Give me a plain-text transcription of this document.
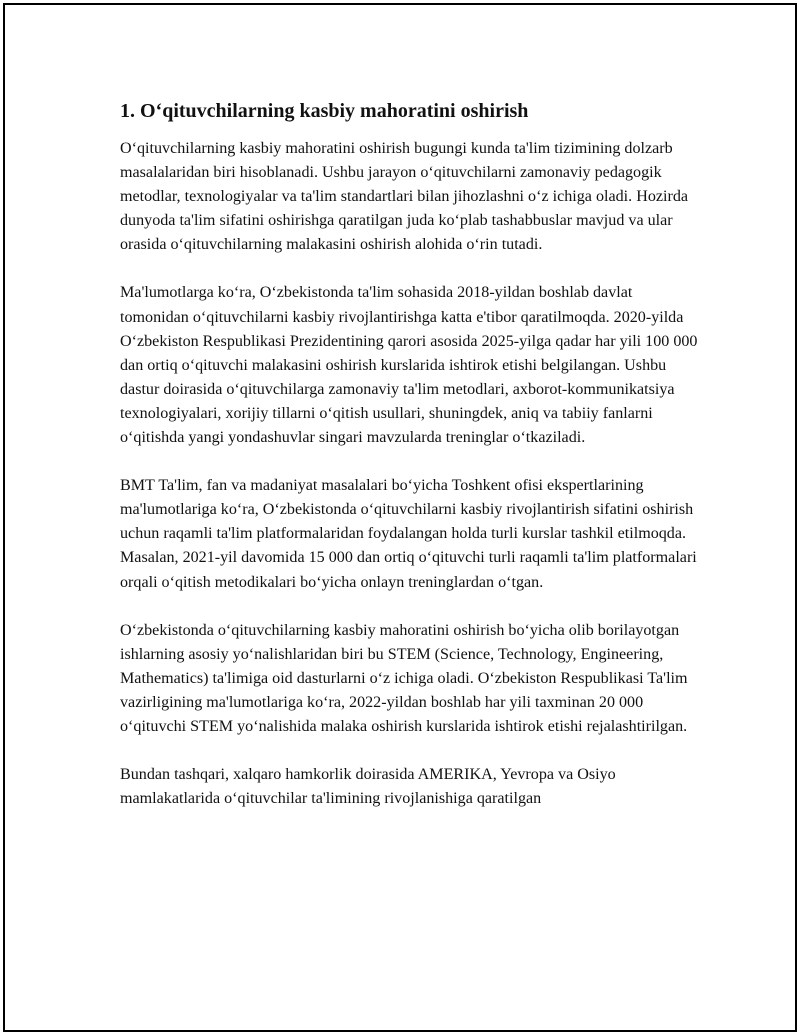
1. O‘qituvchilarning kasbiy mahoratini oshirish

O‘qituvchilarning kasbiy mahoratini oshirish bugungi kunda ta'lim tizimining dolzarb masalalaridan biri hisoblanadi. Ushbu jarayon o‘qituvchilarni zamonaviy pedagogik metodlar, texnologiyalar va ta'lim standartlari bilan jihozlashni o‘z ichiga oladi. Hozirda dunyoda ta'lim sifatini oshirishga qaratilgan juda ko‘plab tashabbuslar mavjud va ular orasida o‘qituvchilarning malakasini oshirish alohida o‘rin tutadi.

Ma'lumotlarga ko‘ra, O‘zbekistonda ta'lim sohasida 2018-yildan boshlab davlat tomonidan o‘qituvchilarni kasbiy rivojlantirishga katta e'tibor qaratilmoqda. 2020-yilda O‘zbekiston Respublikasi Prezidentining qarori asosida 2025-yilga qadar har yili 100 000 dan ortiq o‘qituvchi malakasini oshirish kurslarida ishtirok etishi belgilangan. Ushbu dastur doirasida o‘qituvchilarga zamonaviy ta'lim metodlari, axborot-kommunikatsiya texnologiyalari, xorijiy tillarni o‘qitish usullari, shuningdek, aniq va tabiiy fanlarni o‘qitishda yangi yondashuvlar singari mavzularda treninglar o‘tkaziladi.

BMT Ta'lim, fan va madaniyat masalalari bo‘yicha Toshkent ofisi ekspertlarining ma'lumotlariga ko‘ra, O‘zbekistonda o‘qituvchilarni kasbiy rivojlantirish sifatini oshirish uchun raqamli ta'lim platformalaridan foydalangan holda turli kurslar tashkil etilmoqda. Masalan, 2021-yil davomida 15 000 dan ortiq o‘qituvchi turli raqamli ta'lim platformalari orqali o‘qitish metodikalari bo‘yicha onlayn treninglardan o‘tgan.

O‘zbekistonda o‘qituvchilarning kasbiy mahoratini oshirish bo‘yicha olib borilayotgan ishlarning asosiy yo‘nalishlaridan biri bu STEM (Science, Technology, Engineering, Mathematics) ta'limiga oid dasturlarni o‘z ichiga oladi. O‘zbekiston Respublikasi Ta'lim vazirligining ma'lumotlariga ko‘ra, 2022-yildan boshlab har yili taxminan 20 000 o‘qituvchi STEM yo‘nalishida malaka oshirish kurslarida ishtirok etishi rejalashtirilgan.

Bundan tashqari, xalqaro hamkorlik doirasida AMERIKA, Yevropa va Osiyo mamlakatlarida o‘qituvchilar ta'limining rivojlanishiga qaratilgan
